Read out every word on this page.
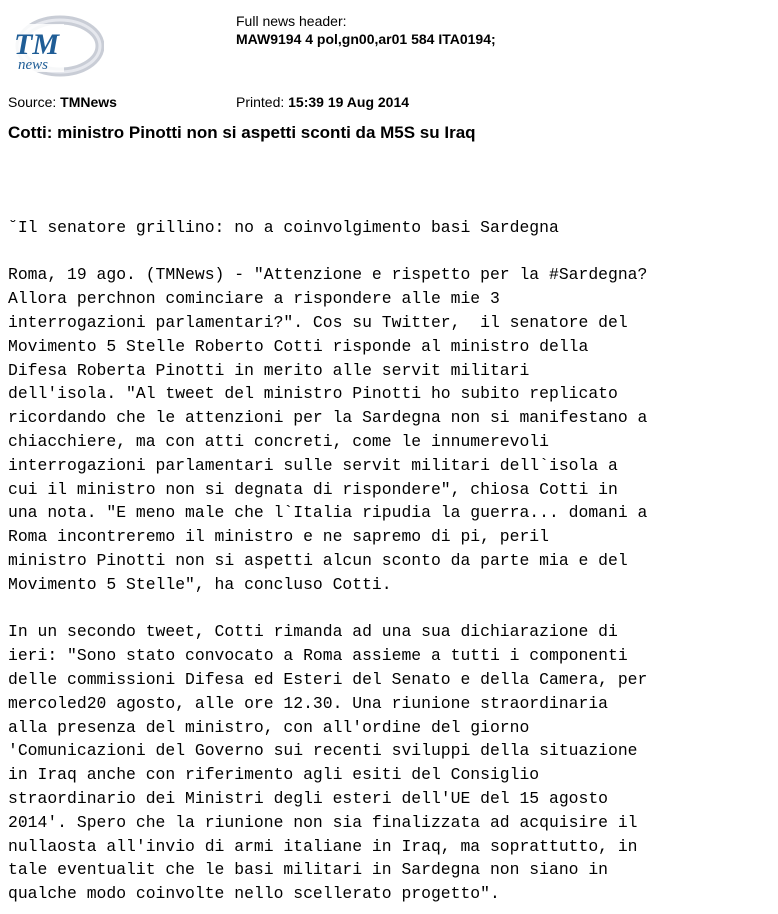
TM
news
Full news header:
MAW9194 4 pol,gn00,ar01 584 ITA0194;
Source: TMNews	Printed: 15:39 19 Aug 2014
Cotti: ministro Pinotti non si aspetti sconti da M5S su Iraq

˘Il senatore grillino: no a coinvolgimento basi Sardegna

Roma, 19 ago. (TMNews) - "Attenzione e rispetto per la #Sardegna?
Allora perchnon cominciare a rispondere alle mie 3
interrogazioni parlamentari?". Cos su Twitter,  il senatore del
Movimento 5 Stelle Roberto Cotti risponde al ministro della
Difesa Roberta Pinotti in merito alle servit militari
dell'isola. "Al tweet del ministro Pinotti ho subito replicato
ricordando che le attenzioni per la Sardegna non si manifestano a
chiacchiere, ma con atti concreti, come le innumerevoli
interrogazioni parlamentari sulle servit militari dell`isola a
cui il ministro non si degnata di rispondere", chiosa Cotti in
una nota. "E meno male che l`Italia ripudia la guerra... domani a
Roma incontreremo il ministro e ne sapremo di pi, peril
ministro Pinotti non si aspetti alcun sconto da parte mia e del
Movimento 5 Stelle", ha concluso Cotti.

In un secondo tweet, Cotti rimanda ad una sua dichiarazione di
ieri: "Sono stato convocato a Roma assieme a tutti i componenti
delle commissioni Difesa ed Esteri del Senato e della Camera, per
mercoled20 agosto, alle ore 12.30. Una riunione straordinaria
alla presenza del ministro, con all'ordine del giorno
'Comunicazioni del Governo sui recenti sviluppi della situazione
in Iraq anche con riferimento agli esiti del Consiglio
straordinario dei Ministri degli esteri dell'UE del 15 agosto
2014'. Spero che la riunione non sia finalizzata ad acquisire il
nullaosta all'invio di armi italiane in Iraq, ma soprattutto, in
tale eventualit che le basi militari in Sardegna non siano in
qualche modo coinvolte nello scellerato progetto".
